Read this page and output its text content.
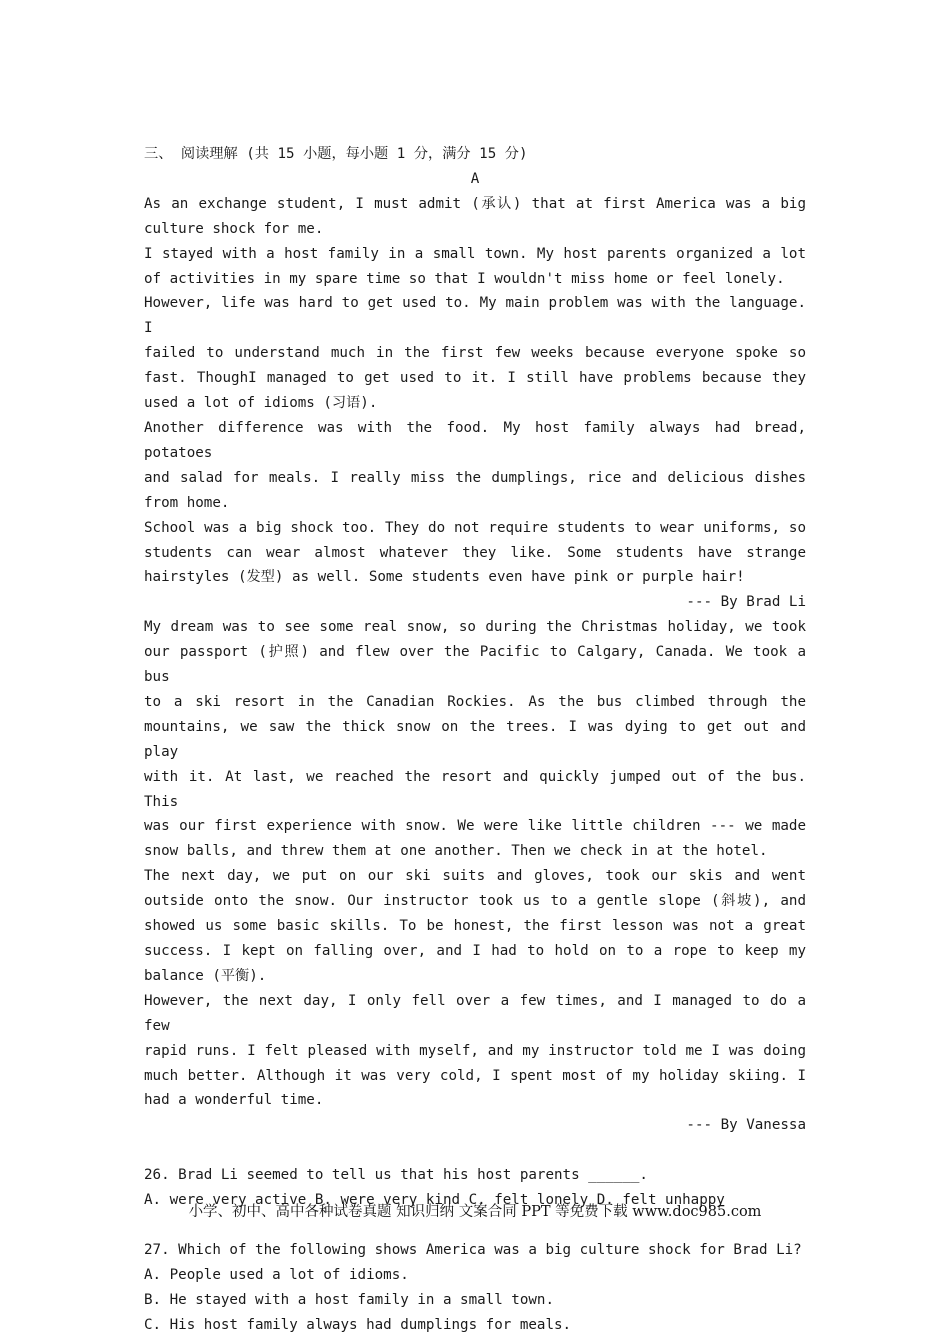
三、 阅读理解 (共 15 小题，每小题 1 分，满分 15 分)
A
As an exchange student, I must admit (承认) that at first America was a big
culture shock for me.
I stayed with a host family in a small town. My host parents organized a lot
of activities in my spare time so that I wouldn't miss home or feel lonely.
However, life was hard to get used to. My main problem was with the language. I
failed to understand much in the first few weeks because everyone spoke so
fast. ThoughI managed to get used to it. I still have problems because they
used a lot of idioms (习语).
Another difference was with the food. My host family always had bread, potatoes
and salad for meals. I really miss the dumplings, rice and delicious dishes
from home.
School was a big shock too. They do not require students to wear uniforms, so
students can wear almost whatever they like. Some students have strange
hairstyles (发型) as well. Some students even have pink or purple hair!
--- By Brad Li
My dream was to see some real snow, so during the Christmas holiday, we took
our passport (护照) and flew over the Pacific to Calgary, Canada. We took a bus
to a ski resort in the Canadian Rockies. As the bus climbed through the
mountains, we saw the thick snow on the trees. I was dying to get out and play
with it. At last, we reached the resort and quickly jumped out of the bus. This
was our first experience with snow. We were like little children --- we made
snow balls, and threw them at one another. Then we check in at the hotel.
The next day, we put on our ski suits and gloves, took our skis and went
outside onto the snow. Our instructor took us to a gentle slope (斜坡), and
showed us some basic skills. To be honest, the first lesson was not a great
success. I kept on falling over, and I had to hold on to a rope to keep my
balance (平衡).
However, the next day, I only fell over a few times, and I managed to do a few
rapid runs. I felt pleased with myself, and my instructor told me I was doing
much better. Although it was very cold, I spent most of my holiday skiing. I
had a wonderful time.
--- By Vanessa
26. Brad Li seemed to tell us that his host parents ______.
A. were very active B. were very kind C. felt lonely D. felt unhappy
27. Which of the following shows America was a big culture shock for Brad Li?
A. People used a lot of idioms.
B. He stayed with a host family in a small town.
C. His host family always had dumplings for meals.
小学、初中、高中各种试卷真题 知识归纳 文案合同 PPT 等免费下载 www.doc985.com
